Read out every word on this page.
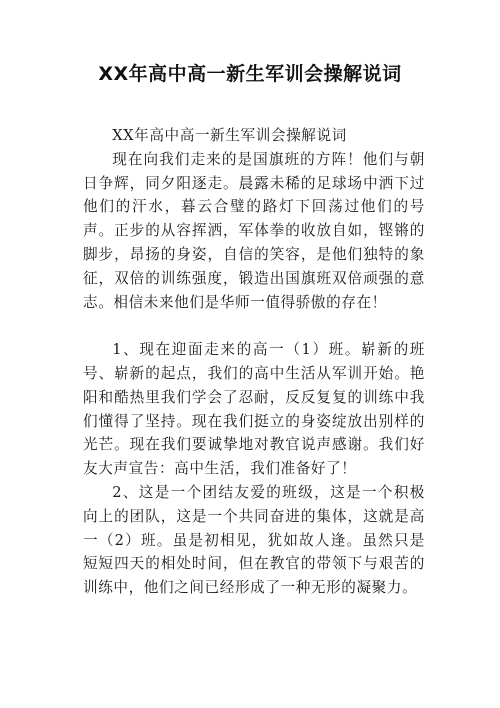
XX年高中高一新生军训会操解说词

XX年高中高一新生军训会操解说词

现在向我们走来的是国旗班的方阵！他们与朝日争辉，同夕阳逐走。晨露未稀的足球场中洒下过他们的汗水，暮云合璧的路灯下回荡过他们的号声。正步的从容挥洒，军体拳的收放自如，铿锵的脚步，昂扬的身姿，自信的笑容，是他们独特的象征，双倍的训练强度，锻造出国旗班双倍顽强的意志。相信未来他们是华师一值得骄傲的存在！

1、现在迎面走来的高一（1）班。崭新的班号、崭新的起点，我们的高中生活从军训开始。艳阳和酷热里我们学会了忍耐，反反复复的训练中我们懂得了坚持。现在我们挺立的身姿绽放出别样的光芒。现在我们要诚挚地对教官说声感谢。我们好友大声宣告：高中生活，我们准备好了！

2、这是一个团结友爱的班级，这是一个积极向上的团队，这是一个共同奋进的集体，这就是高一（2）班。虽是初相见，犹如故人逢。虽然只是短短四天的相处时间，但在教官的带领下与艰苦的训练中，他们之间已经形成了一种无形的凝聚力。
